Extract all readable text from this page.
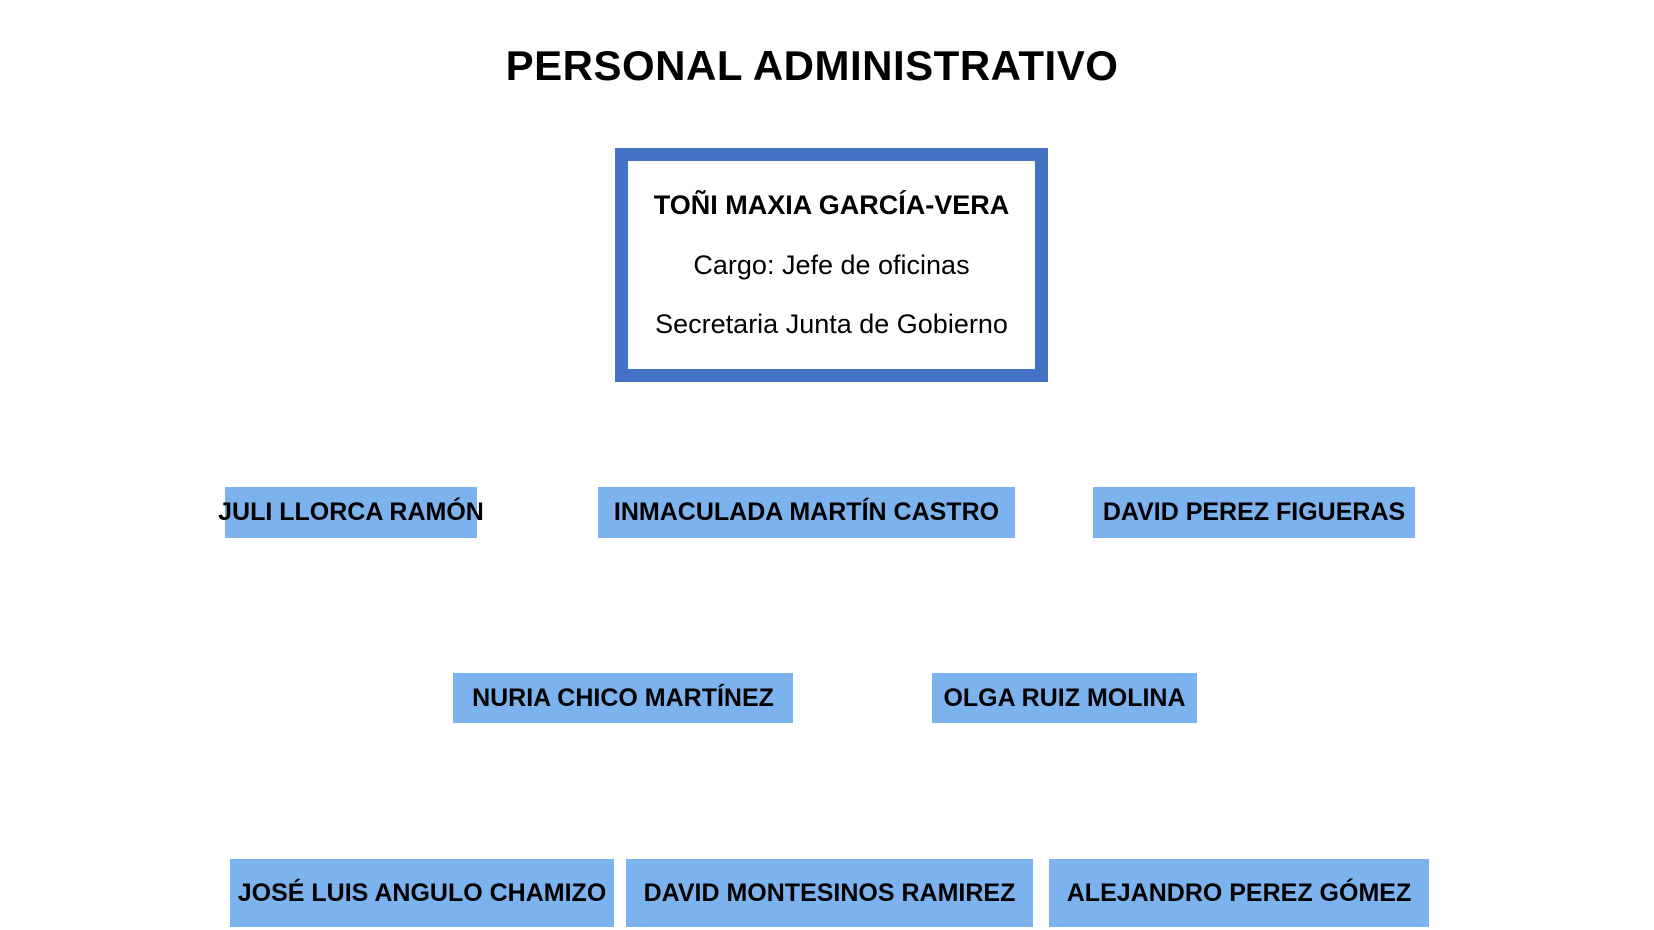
PERSONAL ADMINISTRATIVO
TOÑI MAXIA GARCÍA-VERA
Cargo: Jefe de oficinas
Secretaria Junta de Gobierno
JULI LLORCA RAMÓN	INMACULADA MARTÍN CASTRO	DAVID PEREZ FIGUERAS
NURIA CHICO MARTÍNEZ	OLGA RUIZ MOLINA
JOSÉ LUIS ANGULO CHAMIZO	DAVID MONTESINOS RAMIREZ	ALEJANDRO PEREZ GÓMEZ
